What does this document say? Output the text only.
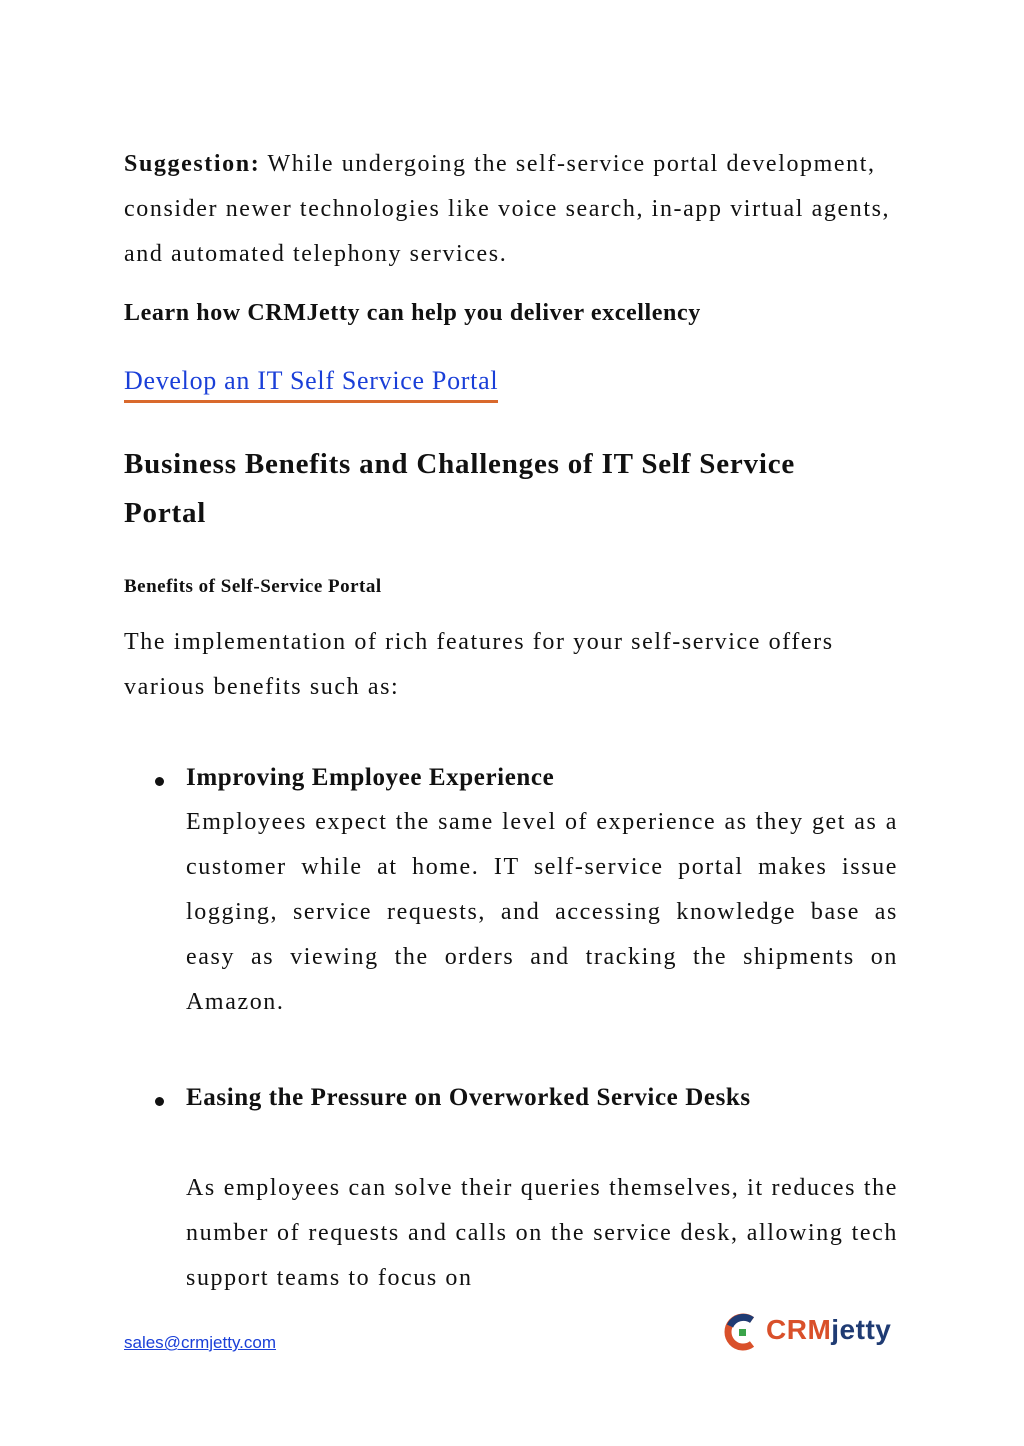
Suggestion: While undergoing the self-service portal development, consider newer technologies like voice search, in-app virtual agents, and automated telephony services.

Learn how CRMJetty can help you deliver excellency
Develop an IT Self Service Portal
Business Benefits and Challenges of IT Self Service Portal
Benefits of Self-Service Portal

The implementation of rich features for your self-service offers various benefits such as:

Improving Employee Experience

Employees expect the same level of experience as they get as a customer while at home. IT self-service portal makes issue logging, service requests, and accessing knowledge base as easy as viewing the orders and tracking the shipments on Amazon.

Easing the Pressure on Overworked Service Desks

As employees can solve their queries themselves, it reduces the number of requests and calls on the service desk, allowing tech support teams to focus on

sales@crmjetty.com	CRMjetty
